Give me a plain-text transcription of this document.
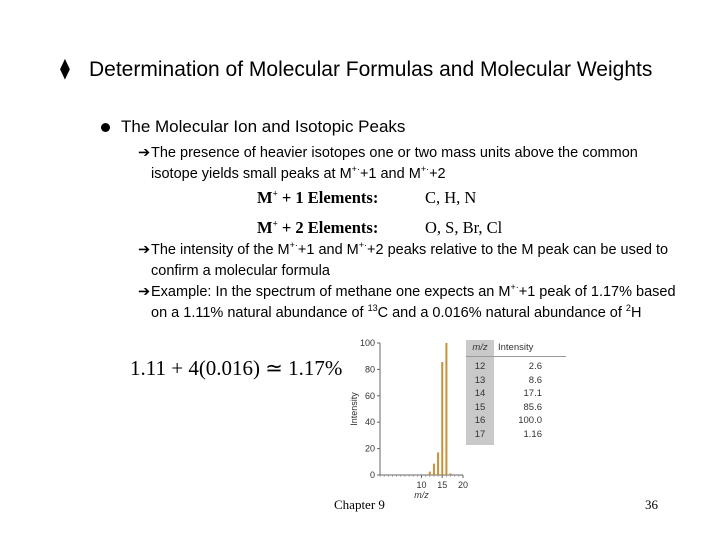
⧫ Determination of Molecular Formulas and Molecular Weights
The Molecular Ion and Isotopic Peaks
➔ The presence of heavier isotopes one or two mass units above the common isotope yields small peaks at M+·+1 and M+·+2
M+ + 1 Elements:	C, H, N
M+ + 2 Elements:	O, S, Br, Cl
➔ The intensity of the M+·+1 and M+·+2 peaks relative to the M peak can be used to confirm a molecular formula
➔ Example: In the spectrum of methane one expects an M+·+1 peak of 1.17% based on a 1.11% natural abundance of $^{13}$C and a 0.016% natural abundance of $^2$H
1.11 + 4(0.016) ≃ 1.17%
0
20
40
60
80
100
10 15 20
Intensity
m/z
m/z	Intensity
12	2.6
13	8.6
14	17.1
15	85.6
16	100.0
17	1.16
Chapter 9	36
